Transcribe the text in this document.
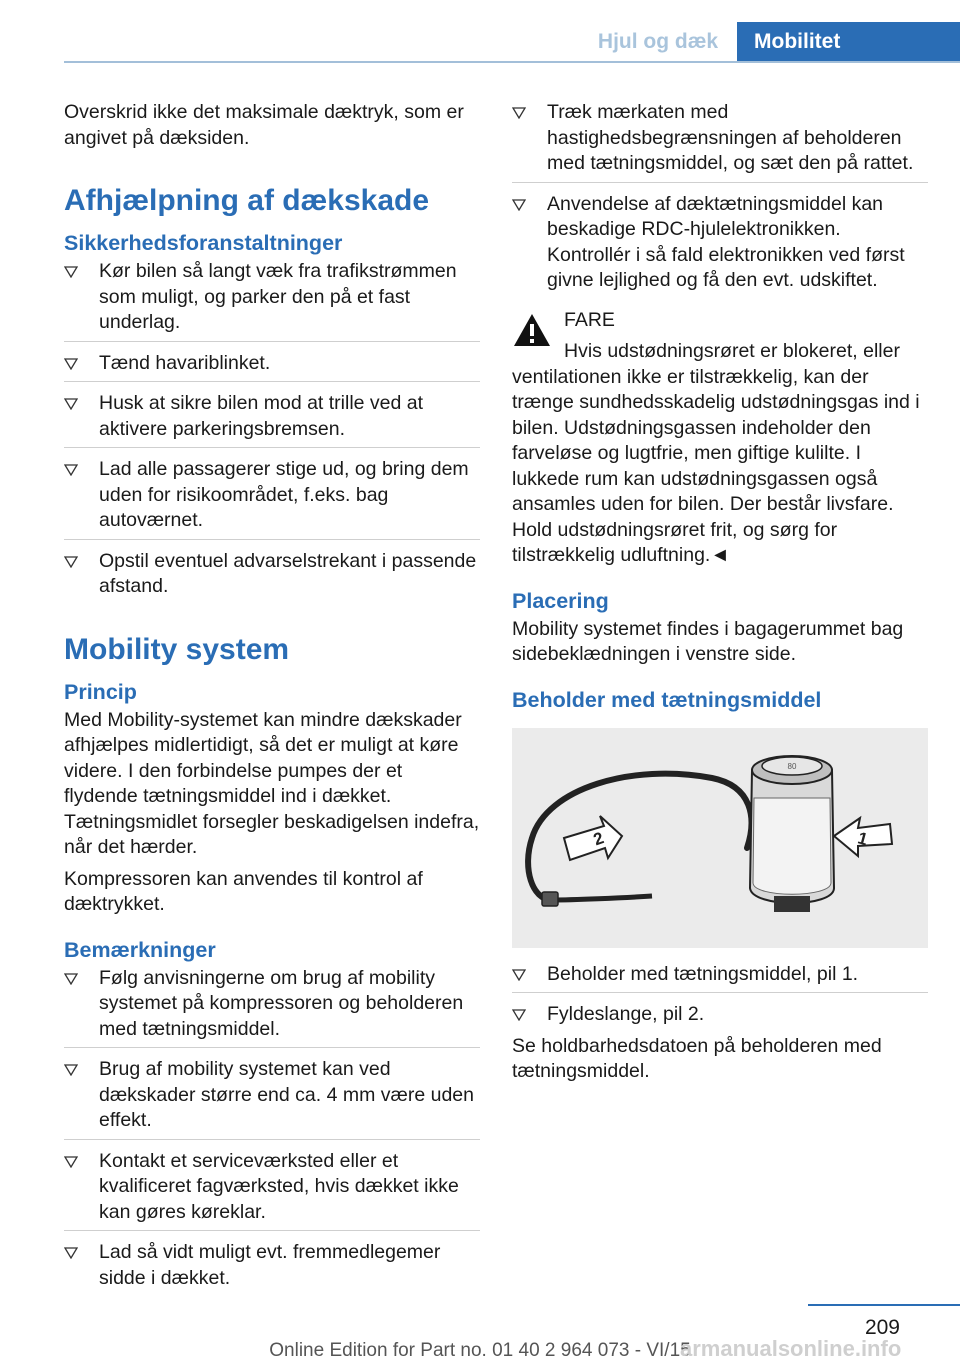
Hjul og dæk	Mobilitet

Overskrid ikke det maksimale dæktryk, som er angivet på dæksiden.

Afhjælpning af dækskade
Sikkerhedsforanstaltninger
Kør bilen så langt væk fra trafikstrømmen som muligt, og parker den på et fast underlag.
Tænd havariblinket.
Husk at sikre bilen mod at trille ved at aktivere parkeringsbremsen.
Lad alle passagerer stige ud, og bring dem uden for risikoområdet, f.eks. bag autoværnet.
Opstil eventuel advarselstrekant i passende afstand.
Mobility system
Princip

Med Mobility-systemet kan mindre dækskader afhjælpes midlertidigt, så det er muligt at køre videre. I den forbindelse pumpes der et flydende tætningsmiddel ind i dækket. Tætningsmidlet forsegler beskadigelsen indefra, når det hærder.

Kompressoren kan anvendes til kontrol af dæktrykket.

Bemærkninger
Følg anvisningerne om brug af mobility systemet på kompressoren og beholderen med tætningsmiddel.
Brug af mobility systemet kan ved dækskader større end ca. 4 mm være uden effekt.
Kontakt et serviceværksted eller et kvalificeret fagværksted, hvis dækket ikke kan gøres køreklar.
Lad så vidt muligt evt. fremmedlegemer sidde i dækket.
Træk mærkaten med hastighedsbegrænsningen af beholderen med tætningsmiddel, og sæt den på rattet.
Anvendelse af dæktætningsmiddel kan beskadige RDC-hjulelektronikken. Kontrollér i så fald elektronikken ved først givne lejlighed og få den evt. udskiftet.
FARE

Hvis udstødningsrøret er blokeret, eller ventilationen ikke er tilstrækkelig, kan der trænge sundhedsskadelig udstødningsgas ind i bilen. Udstødningsgassen indeholder den farveløse og lugtfrie, men giftige kulilte. I lukkede rum kan udstødningsgassen også ansamles uden for bilen. Der består livsfare. Hold udstødningsrøret frit, og sørg for tilstrækkelig udluftning.◄

Placering

Mobility systemet findes i bagagerummet bag sidebeklædningen i venstre side.

Beholder med tætningsmiddel
80
2	1
Beholder med tætningsmiddel, pil 1.
Fyldeslange, pil 2.

Se holdbarhedsdatoen på beholderen med tætningsmiddel.

209
Online Edition for Part no. 01 40 2 964 073 - VI/15
armanualsonline.info
